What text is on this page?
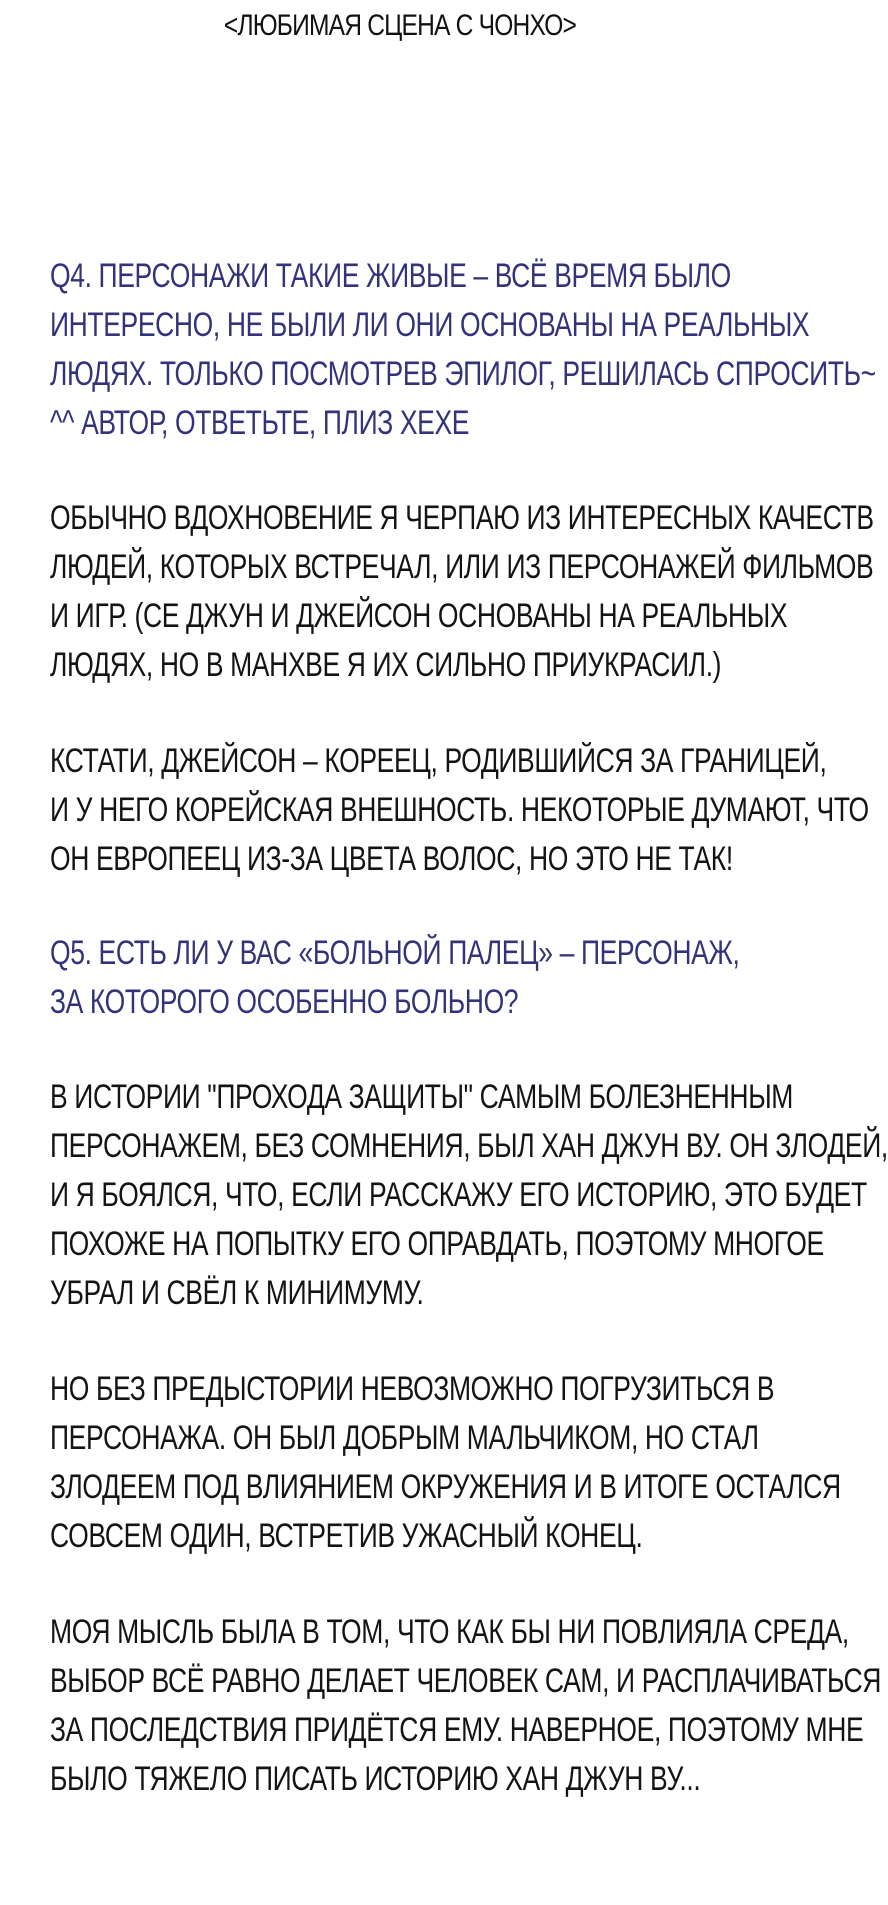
<ЛЮБИМАЯ СЦЕНА С ЧОНХО>
Q4. ПЕРСОНАЖИ ТАКИЕ ЖИВЫЕ – ВСЁ ВРЕМЯ БЫЛО
ИНТЕРЕСНО, НЕ БЫЛИ ЛИ ОНИ ОСНОВАНЫ НА РЕАЛЬНЫХ
ЛЮДЯХ. ТОЛЬКО ПОСМОТРЕВ ЭПИЛОГ, РЕШИЛАСЬ СПРОСИТЬ~
^^ АВТОР, ОТВЕТЬТЕ, ПЛИЗ ХЕХЕ
ОБЫЧНО ВДОХНОВЕНИЕ Я ЧЕРПАЮ ИЗ ИНТЕРЕСНЫХ КАЧЕСТВ
ЛЮДЕЙ, КОТОРЫХ ВСТРЕЧАЛ, ИЛИ ИЗ ПЕРСОНАЖЕЙ ФИЛЬМОВ
И ИГР. (СЕ ДЖУН И ДЖЕЙСОН ОСНОВАНЫ НА РЕАЛЬНЫХ
ЛЮДЯХ, НО В МАНХВЕ Я ИХ СИЛЬНО ПРИУКРАСИЛ.)
КСТАТИ, ДЖЕЙСОН – КОРЕЕЦ, РОДИВШИЙСЯ ЗА ГРАНИЦЕЙ,
И У НЕГО КОРЕЙСКАЯ ВНЕШНОСТЬ. НЕКОТОРЫЕ ДУМАЮТ, ЧТО
ОН ЕВРОПЕЕЦ ИЗ-ЗА ЦВЕТА ВОЛОС, НО ЭТО НЕ ТАК!
Q5. ЕСТЬ ЛИ У ВАС «БОЛЬНОЙ ПАЛЕЦ» – ПЕРСОНАЖ,
ЗА КОТОРОГО ОСОБЕННО БОЛЬНО?
В ИСТОРИИ "ПРОХОДА ЗАЩИТЫ" САМЫМ БОЛЕЗНЕННЫМ
ПЕРСОНАЖЕМ, БЕЗ СОМНЕНИЯ, БЫЛ ХАН ДЖУН ВУ. ОН ЗЛОДЕЙ,
И Я БОЯЛСЯ, ЧТО, ЕСЛИ РАССКАЖУ ЕГО ИСТОРИЮ, ЭТО БУДЕТ
ПОХОЖЕ НА ПОПЫТКУ ЕГО ОПРАВДАТЬ, ПОЭТОМУ МНОГОЕ
УБРАЛ И СВЁЛ К МИНИМУМУ.
НО БЕЗ ПРЕДЫСТОРИИ НЕВОЗМОЖНО ПОГРУЗИТЬСЯ В
ПЕРСОНАЖА. ОН БЫЛ ДОБРЫМ МАЛЬЧИКОМ, НО СТАЛ
ЗЛОДЕЕМ ПОД ВЛИЯНИЕМ ОКРУЖЕНИЯ И В ИТОГЕ ОСТАЛСЯ
СОВСЕМ ОДИН, ВСТРЕТИВ УЖАСНЫЙ КОНЕЦ.
МОЯ МЫСЛЬ БЫЛА В ТОМ, ЧТО КАК БЫ НИ ПОВЛИЯЛА СРЕДА,
ВЫБОР ВСЁ РАВНО ДЕЛАЕТ ЧЕЛОВЕК САМ, И РАСПЛАЧИВАТЬСЯ
ЗА ПОСЛЕДСТВИЯ ПРИДЁТСЯ ЕМУ. НАВЕРНОЕ, ПОЭТОМУ МНЕ
БЫЛО ТЯЖЕЛО ПИСАТЬ ИСТОРИЮ ХАН ДЖУН ВУ...
